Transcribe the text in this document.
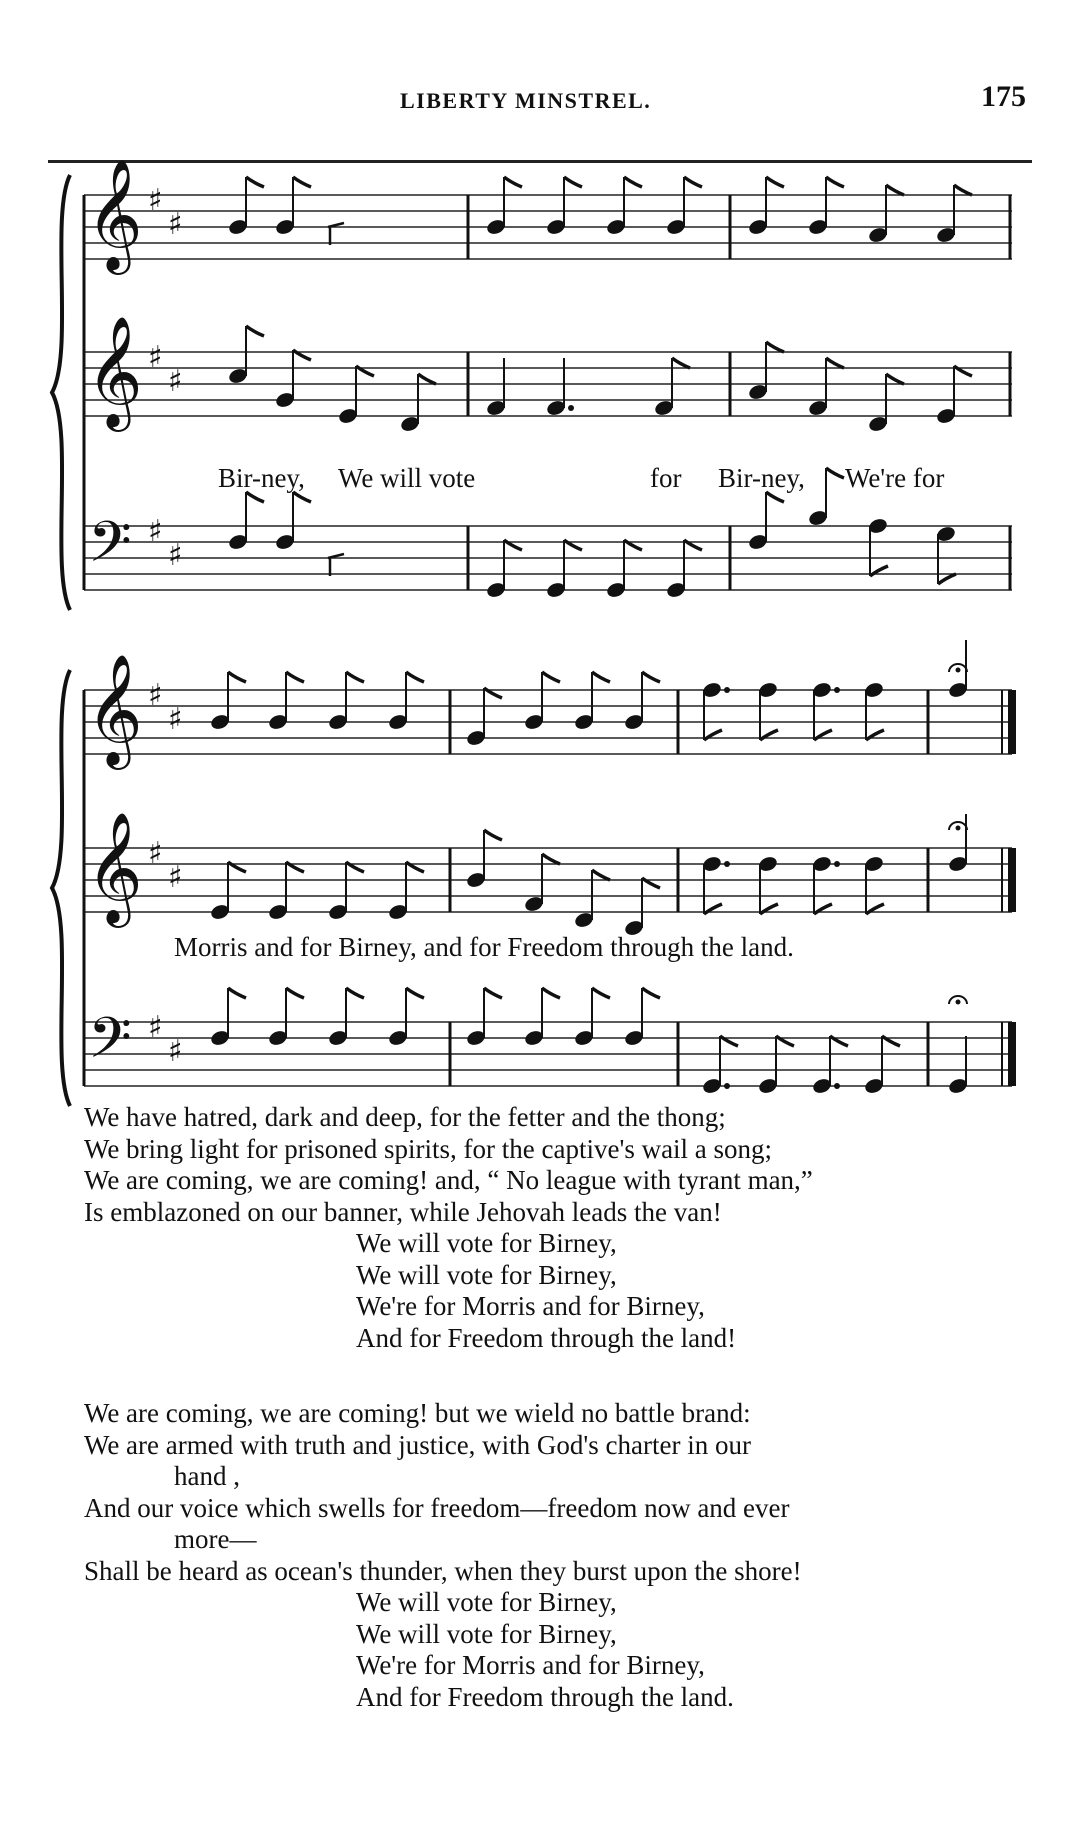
LIBERTY MINSTREL.	175
𝄞 ♯
♯
𝄞 ♯
♯
𝄢 ♯
♯
𝄞 ♯
♯
𝄞 ♯
♯
𝄢 ♯
♯
Bir-ney, We will vote	for Bir-ney, We're for
Morris and for Birney, and for Freedom through the land.
We have hatred, dark and deep, for the fetter and the thong;
We bring light for prisoned spirits, for the captive's wail a song;
We are coming, we are coming! and, “ No league with tyrant man,”
Is emblazoned on our banner, while Jehovah leads the van!
We will vote for Birney,
We will vote for Birney,
We're for Morris and for Birney,
And for Freedom through the land!
We are coming, we are coming! but we wield no battle brand:
We are armed with truth and justice, with God's charter in our
hand ,
And our voice which swells for freedom—freedom now and ever
more—
Shall be heard as ocean's thunder, when they burst upon the shore!
We will vote for Birney,
We will vote for Birney,
We're for Morris and for Birney,
And for Freedom through the land.
